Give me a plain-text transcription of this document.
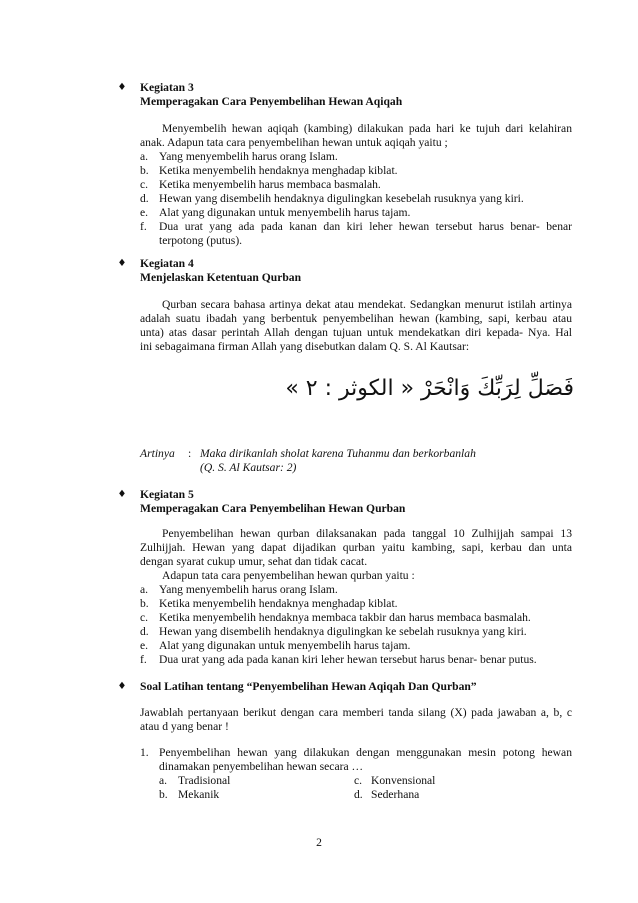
♦ Kegiatan 3
Memperagakan Cara Penyembelihan Hewan Aqiqah
Menyembelih hewan aqiqah (kambing) dilakukan pada hari ke tujuh dari kelahiran
anak. Adapun tata cara penyembelihan hewan untuk aqiqah yaitu ;
a. Yang menyembelih harus orang Islam.
b. Ketika menyembelih hendaknya menghadap kiblat.
c. Ketika menyembelih harus membaca basmalah.
d. Hewan yang disembelih hendaknya digulingkan kesebelah rusuknya yang kiri.
e. Alat yang digunakan untuk menyembelih harus tajam.
f.	Dua urat yang ada pada kanan dan kiri leher hewan tersebut harus benar- benar
terpotong (putus).
♦ Kegiatan 4
Menjelaskan Ketentuan Qurban
Qurban secara bahasa artinya dekat atau mendekat. Sedangkan menurut istilah artinya
adalah suatu ibadah yang berbentuk penyembelihan hewan (kambing, sapi, kerbau atau
unta) atas dasar perintah Allah dengan tujuan untuk mendekatkan diri kepada- Nya. Hal
ini sebagaimana firman Allah yang disebutkan dalam Q. S. Al Kautsar:
فَصَلِّ لِرَبِّكَ وَانْحَرْ « الكوثر : ٢ »
Artinya : Maka dirikanlah sholat karena Tuhanmu dan berkorbanlah
(Q. S. Al Kautsar: 2)
♦ Kegiatan 5
Memperagakan Cara Penyembelihan Hewan Qurban
Penyembelihan hewan qurban dilaksanakan pada tanggal 10 Zulhijjah sampai 13
Zulhijjah. Hewan yang dapat dijadikan qurban yaitu kambing, sapi, kerbau dan unta
dengan syarat cukup umur, sehat dan tidak cacat.
Adapun tata cara penyembelihan hewan qurban yaitu :
a. Yang menyembelih harus orang Islam.
b. Ketika menyembelih hendaknya menghadap kiblat.
c. Ketika menyembelih hendaknya membaca takbir dan harus membaca basmalah.
d. Hewan yang disembelih hendaknya digulingkan ke sebelah rusuknya yang kiri.
e. Alat yang digunakan untuk menyembelih harus tajam.
f.	Dua urat yang ada pada kanan kiri leher hewan tersebut harus benar- benar putus.
♦ Soal Latihan tentang “Penyembelihan Hewan Aqiqah Dan Qurban”
Jawablah pertanyaan berikut dengan cara memberi tanda silang (X) pada jawaban a, b, c
atau d yang benar !
1. Penyembelihan hewan yang dilakukan dengan menggunakan mesin potong hewan
dinamakan penyembelihan hewan secara …
a. Tradisional
b. Mekanik
c. Konvensional
d. Sederhana
2
